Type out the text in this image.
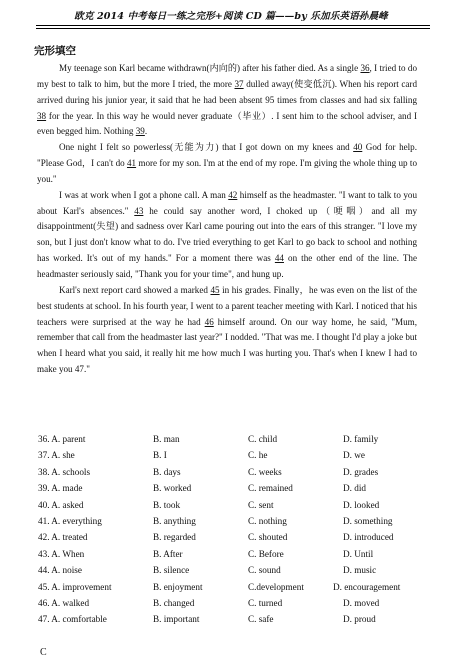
欧克 2014 中考每日一练之完形+阅读 CD 篇——by 乐加乐英语孙晨峰
完形填空

My teenage son Karl became withdrawn(内向的) after his father died. As a single 36, I tried to do my best to talk to him, but the more I tried, the more 37 dulled away(使变低沉). When his report card arrived during his junior year, it said that he had been absent 95 times from classes and had six falling 38 for the year. In this way he would never graduate（毕业）. I sent him to the school adviser, and I even begged him. Nothing 39.

One night I felt so powerless(无能为力) that I got down on my knees and 40 God for help. "Please God，I can't do 41 more for my son. I'm at the end of my rope. I'm giving the whole thing up to you."

I was at work when I got a phone call. A man 42 himself as the headmaster. "I want to talk to you about Karl's absences." 43 he could say another word, I choked up（哽咽）and all my disappointment(失望) and sadness over Karl came pouring out into the ears of this stranger. "I love my son, but I just don't know what to do. I've tried everything to get Karl to go back to school and nothing has worked. It's out of my hands." For a moment there was 44 on the other end of the line. The headmaster seriously said, "Thank you for your time", and hung up.

Karl's next report card showed a marked 45 in his grades. Finally，he was even on the list of the best students at school. In his fourth year, I went to a parent teacher meeting with Karl. I noticed that his teachers were surprised at the way he had 46 himself around. On our way home, he said, "Mum, remember that call from the headmaster last year?" I nodded. "That was me. I thought I'd play a joke but when I heard what you said, it really hit me how much I was hurting you. That's when I knew I had to make you 47."

36. A. parent	B. man	C. child	D. family
37. A. she	B. I	C. he	D. we
38. A. schools	B. days	C. weeks	D. grades
39. A. made	B. worked	C. remained	D. did
40. A. asked	B. took	C. sent	D. looked
41. A. everything	B. anything	C. nothing	D. something
42. A. treated	B. regarded	C. shouted	D. introduced
43. A. When	B. After	C. Before	D. Until
44. A. noise	B. silence	C. sound	D. music
45. A. improvement	B. enjoyment	C.development	D. encouragement
46. A. walked	B. changed	C. turned	D. moved
47. A. comfortable	B. important	C. safe	D. proud
C
